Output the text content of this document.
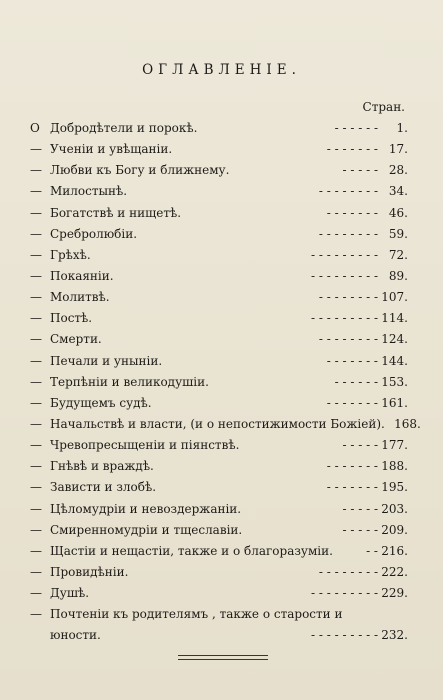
ОГЛАВЛЕНІЕ.
Стран.
О Добродѣтели и порокѣ.	- - - - - -	1.
— Ученіи и увѣщаніи.	- - - - - - - 17.
— Любви къ Богу и ближнему.	- - - - - 28.
— Милостынѣ.	- - - - - - - - 34.
— Богатствѣ и нищетѣ.	- - - - - - - 46.
— Сребролюбіи.	- - - - - - - - 59.
— Грѣхѣ.	- - - - - - - - - 72.
— Покаяніи.	- - - - - - - - - 89.
— Молитвѣ.	- - - - - - - - 107.
— Постѣ.	- - - - - - - - - 114.
— Смерти.	- - - - - - - - 124.
— Печали и уныніи.	- - - - - - - 144.
— Терпѣніи и великодушіи.	- - - - - - 153.
— Будущемъ судѣ.	- - - - - - - 161.
— Начальствѣ и власти, (и о непостижимости Божіей). 168.
— Чревопресыщеніи и піянствѣ.	- - - - - 177.
— Гнѣвѣ и враждѣ.	- - - - - - - 188.
— Зависти и злобѣ.	- - - - - - - 195.
— Цѣломудріи и невоздержаніи.	- - - - - 203.
— Смиренномудріи и тщеславіи.	- - - - - 209.
— Щастіи и нещастіи, также и о благоразуміи.	- - 216.
— Провидѣніи.	- - - - - - - - 222.
— Душѣ.	- - - - - - - - - 229.
— Почтеніи къ родителямъ , также о старости и
юности.	- - - - - - - - - 232.
